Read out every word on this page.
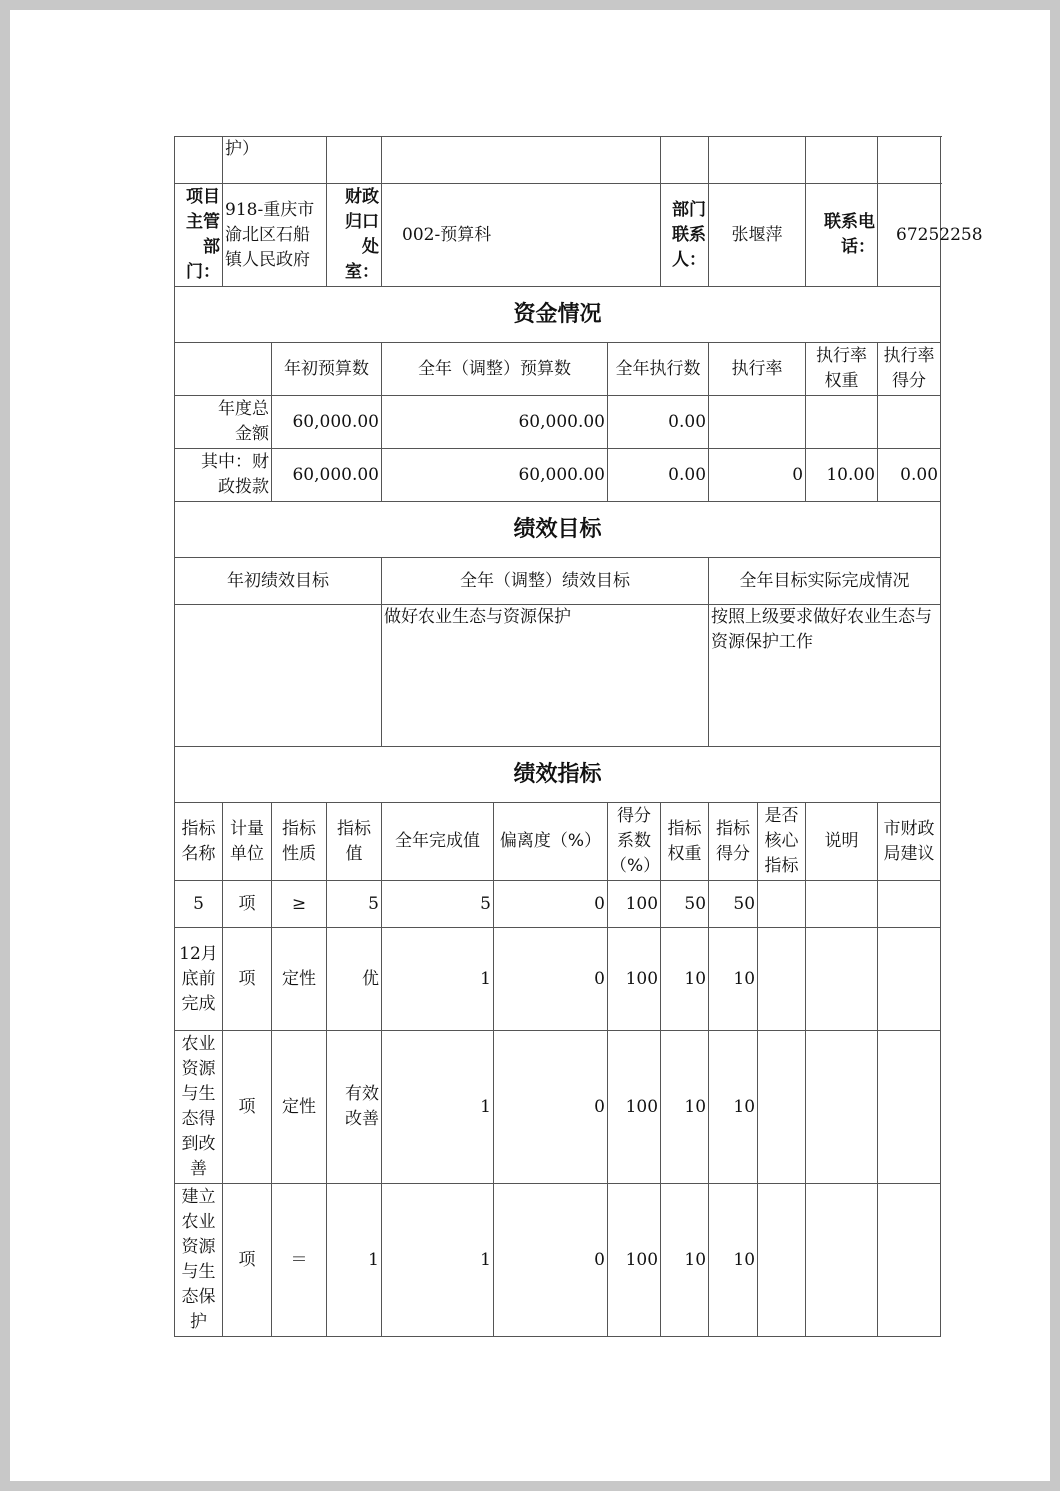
	护）										
项目主管部门：	918-重庆市渝北区石船镇人民政府		财政归口处室：	002-预算科			部门联系人：	张堰萍		联系电话：	67252258
资金情况											
		年初预算数		全年（调整）预算数		全年执行数		执行率		执行率权重	执行率得分
年度总金额		60,000.00		60,000.00		0.00					
其中：财政拨款		60,000.00		60,000.00		0.00		0		10.00	0.00
绩效目标											
年初绩效目标				全年（调整）绩效目标				全年目标实际完成情况			
				做好农业生态与资源保护				按照上级要求做好农业生态与资源保护工作			
绩效指标											
指标名称	计量单位	指标性质	指标值	全年完成值	偏离度（%）	得分系数（%）	指标权重	指标得分	是否核心指标	说明	市财政局建议
5	项	≥	5	5	0	100	50	50			
12月底前完成	项	定性	优	1	0	100	10	10			
农业资源与生态得到改善	项	定性	有效改善	1	0	100	10	10			
建立农业资源与生态保护	项	＝	1	1	0	100	10	10			
